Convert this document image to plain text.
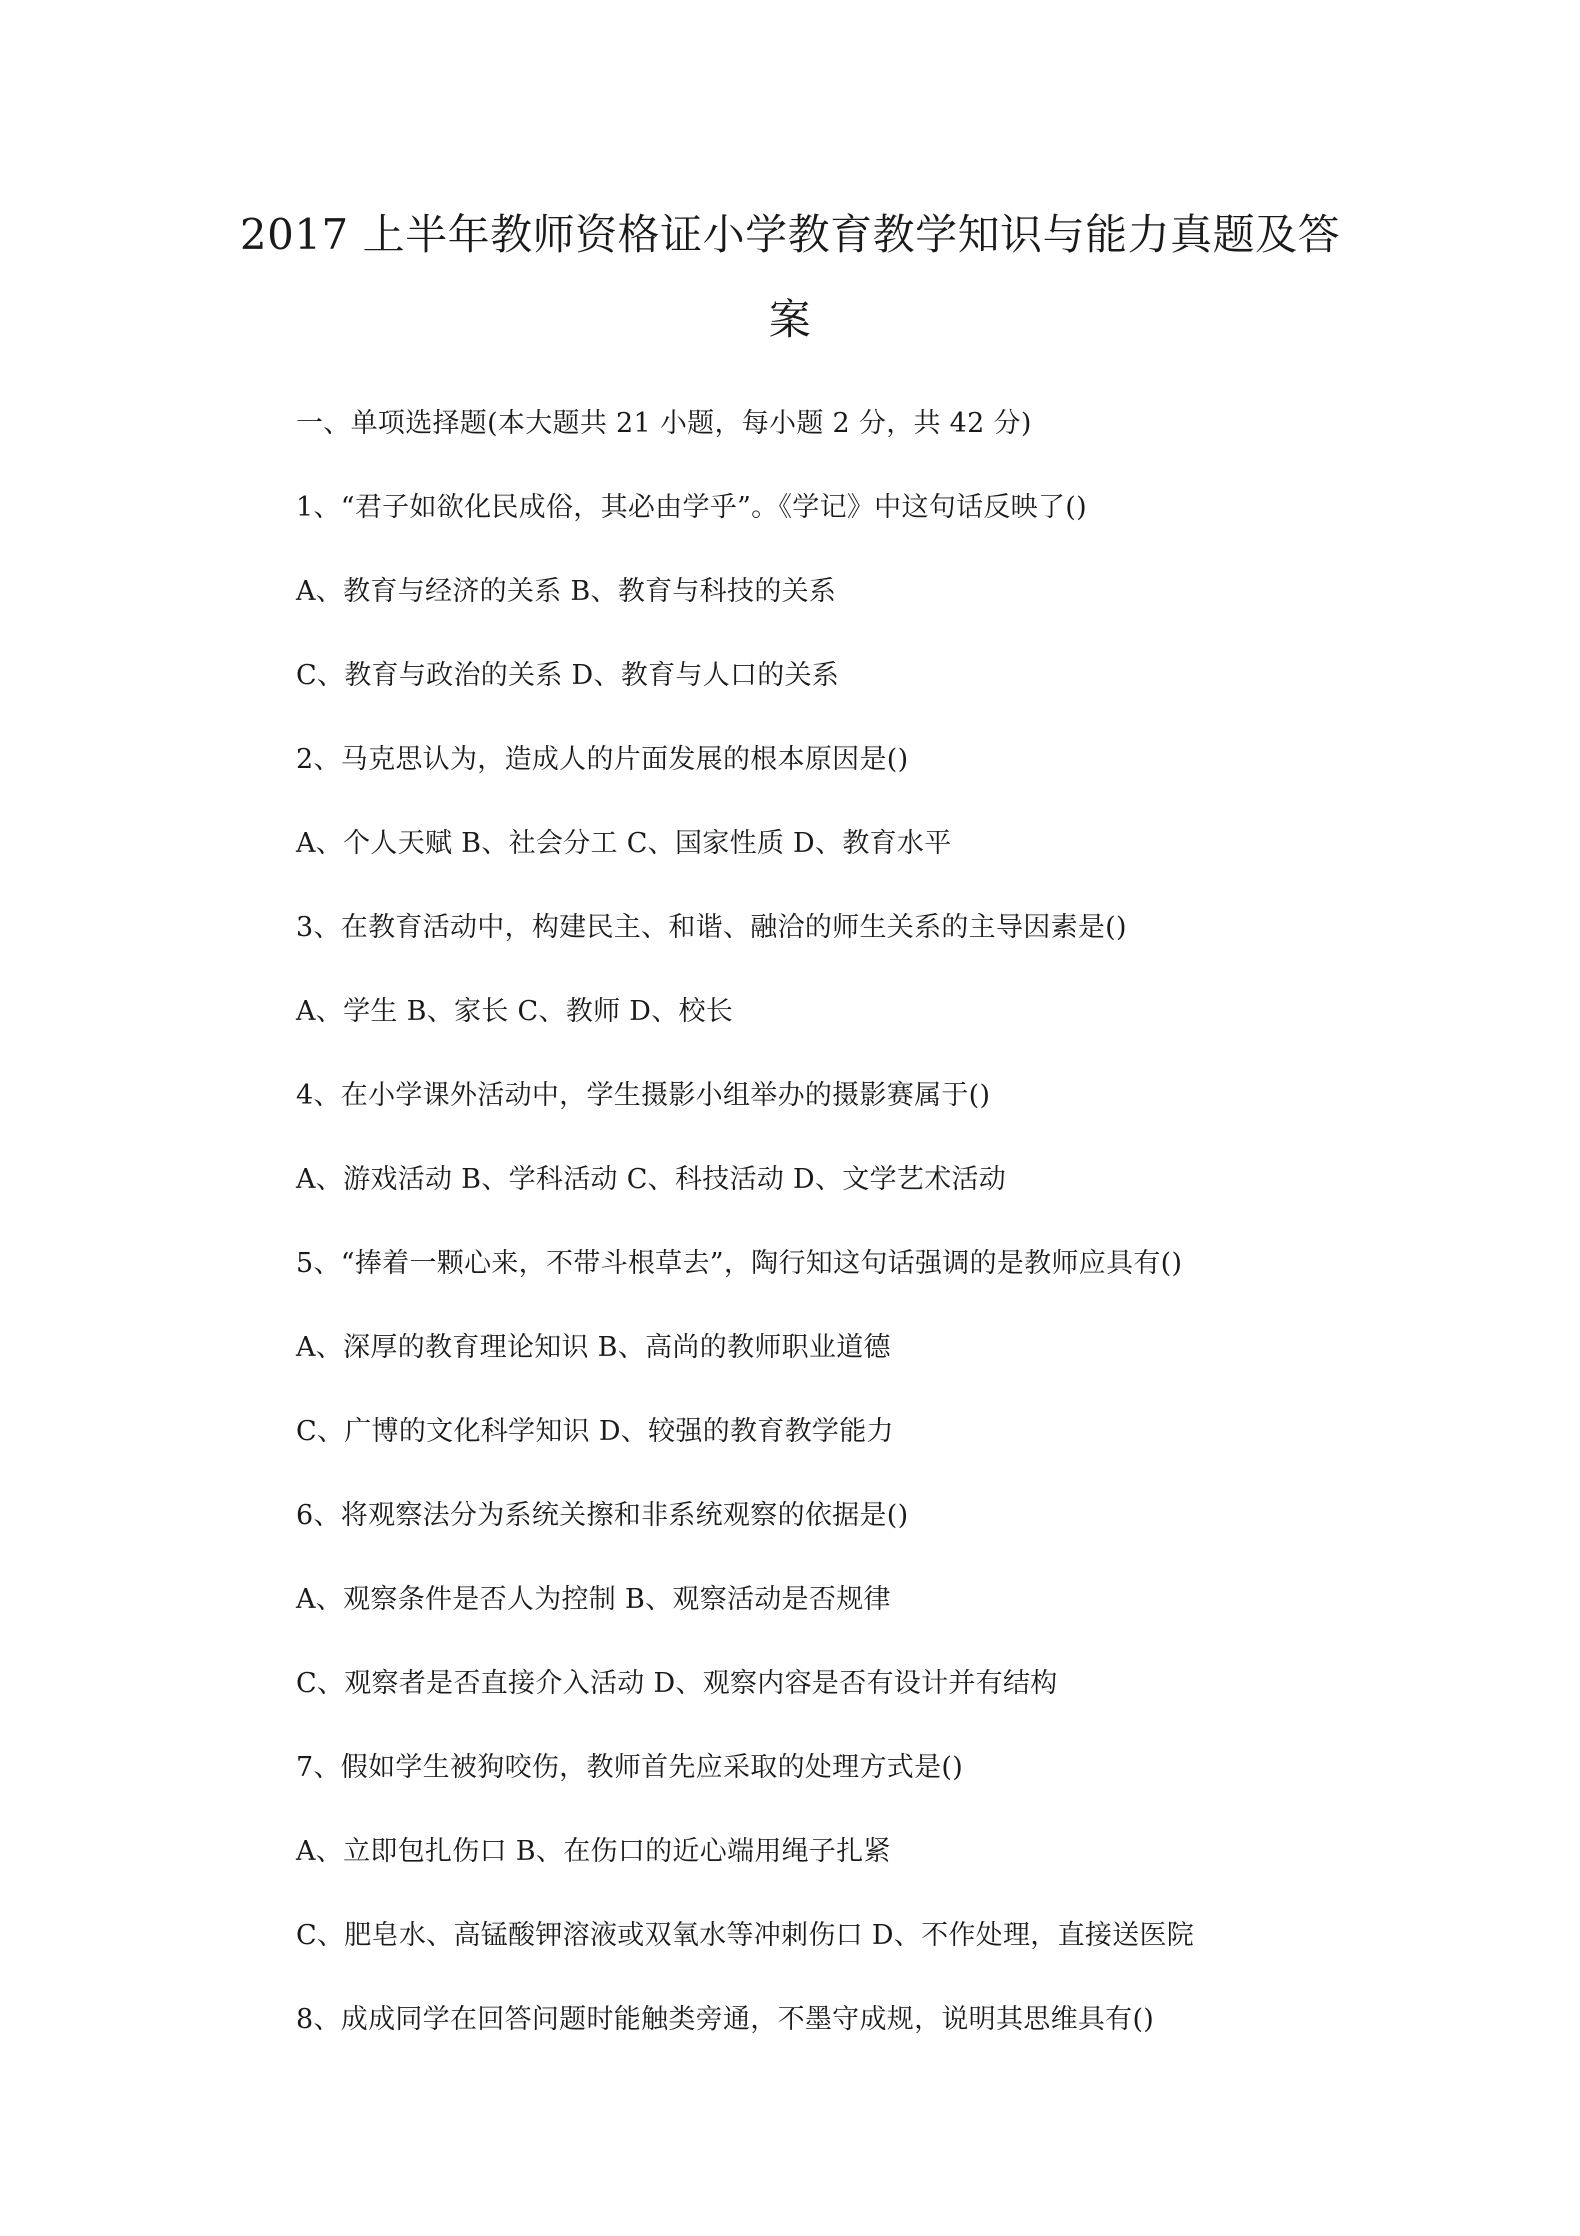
2017 上半年教师资格证小学教育教学知识与能力真题及答
案
一、单项选择题(本大题共 21 小题，每小题 2 分，共 42 分)
1、“君子如欲化民成俗，其必由学乎”。《学记》中这句话反映了()
A、教育与经济的关系 B、教育与科技的关系
C、教育与政治的关系 D、教育与人口的关系
2、马克思认为，造成人的片面发展的根本原因是()
A、个人天赋 B、社会分工 C、国家性质 D、教育水平
3、在教育活动中，构建民主、和谐、融洽的师生关系的主导因素是()
A、学生 B、家长 C、教师 D、校长
4、在小学课外活动中，学生摄影小组举办的摄影赛属于()
A、游戏活动 B、学科活动 C、科技活动 D、文学艺术活动
5、“捧着一颗心来，不带斗根草去”，陶行知这句话强调的是教师应具有()
A、深厚的教育理论知识 B、高尚的教师职业道德
C、广博的文化科学知识 D、较强的教育教学能力
6、将观察法分为系统关擦和非系统观察的依据是()
A、观察条件是否人为控制 B、观察活动是否规律
C、观察者是否直接介入活动 D、观察内容是否有设计并有结构
7、假如学生被狗咬伤，教师首先应采取的处理方式是()
A、立即包扎伤口 B、在伤口的近心端用绳子扎紧
C、肥皂水、高锰酸钾溶液或双氧水等冲刺伤口 D、不作处理，直接送医院
8、成成同学在回答问题时能触类旁通，不墨守成规，说明其思维具有()
